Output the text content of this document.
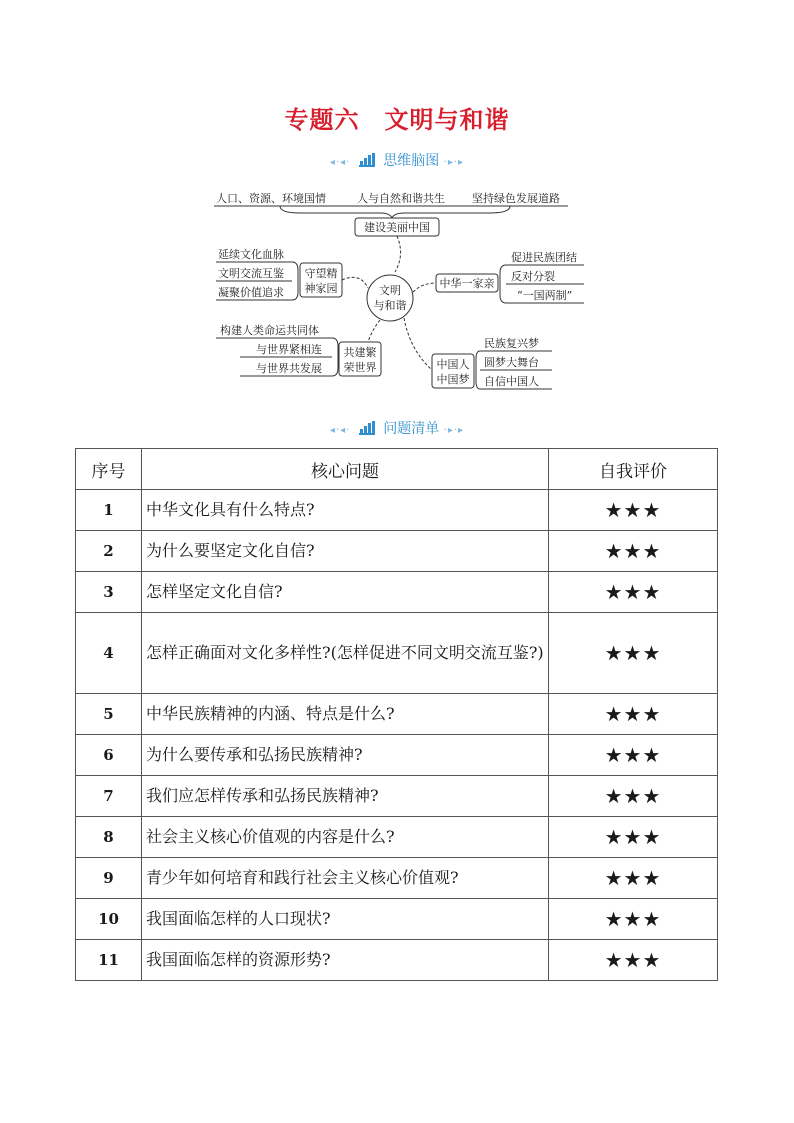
专题六　文明与和谐
◂·◂· 思维脑图 ·▸·▸
人口、资源、环境国情	人与自然和谐共生 坚持绿色发展道路
建设美丽中国
文明
与和谐
延续文化血脉
文明交流互鉴
凝聚价值追求
守望精
神家园
促进民族团结
反对分裂
“一国两制”
中华一家亲
构建人类命运共同体
与世界紧相连
与世界共发展
共建繁
荣世界
民族复兴梦
圆梦大舞台
自信中国人
中国人
中国梦
◂·◂· 问题清单 ·▸·▸
序号	核心问题	自我评价
1	中华文化具有什么特点?	★★★
2	为什么要坚定文化自信?	★★★
3	怎样坚定文化自信?	★★★
4	怎样正确面对文化多样性?(怎样促进不同文明交流互鉴?)	★★★
5	中华民族精神的内涵、特点是什么?	★★★
6	为什么要传承和弘扬民族精神?	★★★
7	我们应怎样传承和弘扬民族精神?	★★★
8	社会主义核心价值观的内容是什么?	★★★
9	青少年如何培育和践行社会主义核心价值观?	★★★
10	我国面临怎样的人口现状?	★★★
11	我国面临怎样的资源形势?	★★★
